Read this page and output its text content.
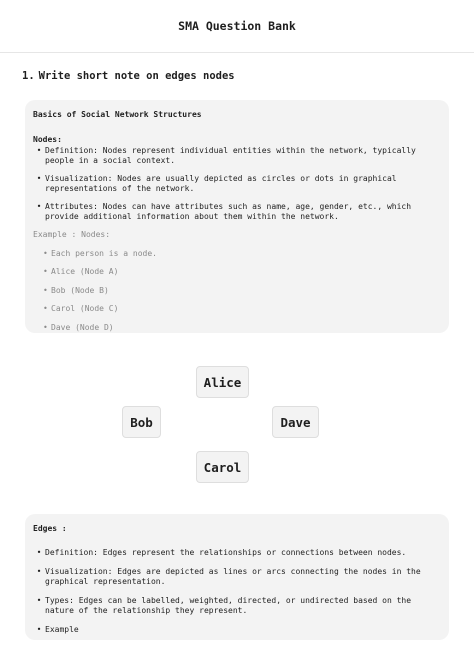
SMA Question Bank
1. Write short note on edges nodes
Basics of Social Network Structures
Nodes:
• Definition: Nodes represent individual entities within the network, typically people in a social context.
• Visualization: Nodes are usually depicted as circles or dots in graphical representations of the network.
• Attributes: Nodes can have attributes such as name, age, gender, etc., which provide additional information about them within the network.
Example : Nodes:
• Each person is a node.
• Alice (Node A)
• Bob (Node B)
• Carol (Node C)
• Dave (Node D)
Alice
Bob	Dave
Carol
Edges :
• Definition: Edges represent the relationships or connections between nodes.
• Visualization: Edges are depicted as lines or arcs connecting the nodes in the graphical representation.
• Types: Edges can be labelled, weighted, directed, or undirected based on the nature of the relationship they represent.
• Example
